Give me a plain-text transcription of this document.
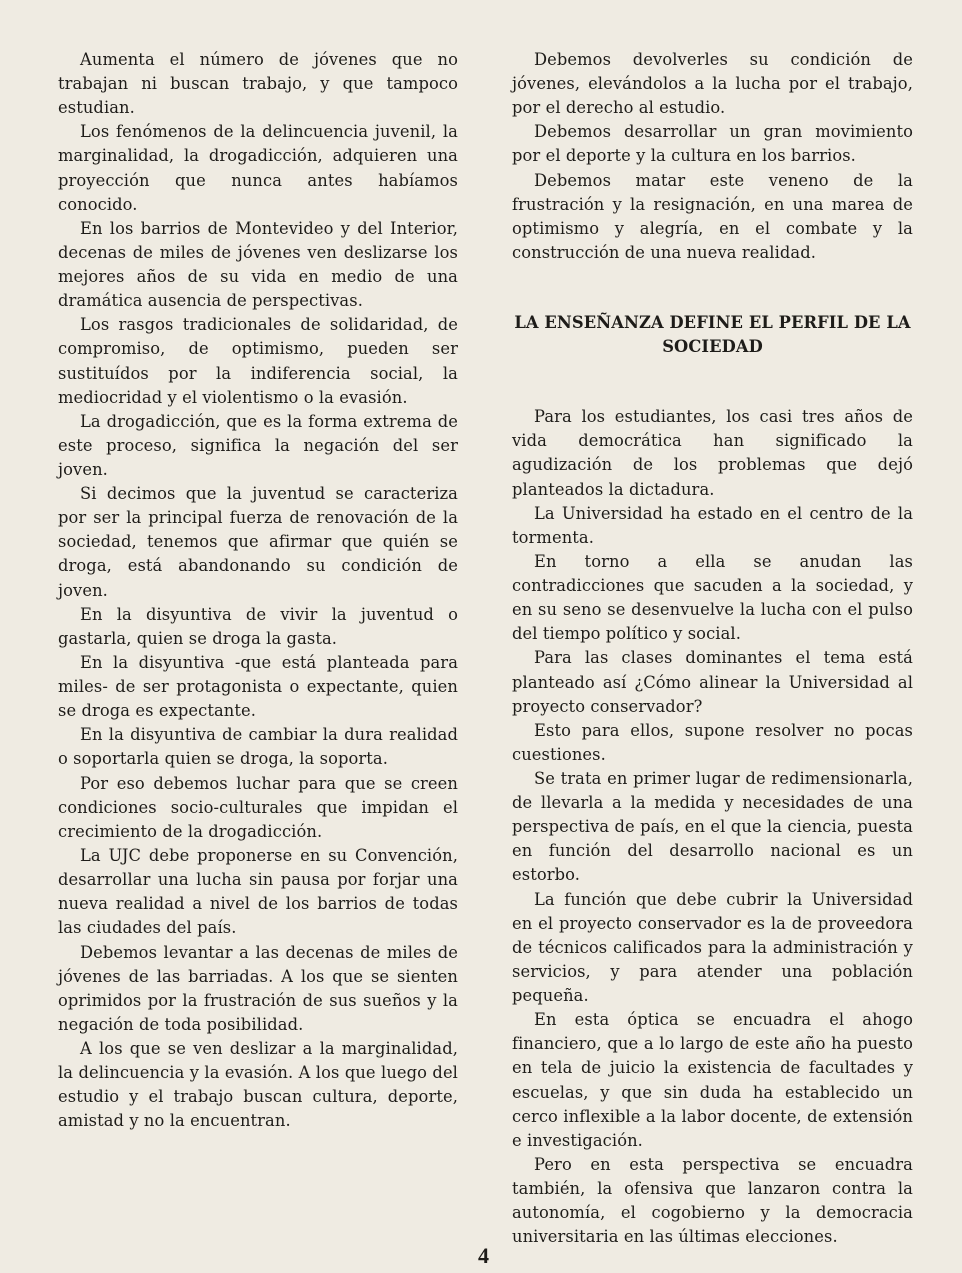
Aumenta el número de jóvenes que no trabajan ni buscan trabajo, y que tampoco estudian.

Los fenómenos de la delincuencia juvenil, la marginalidad, la drogadicción, adquieren una proyección que nunca antes habíamos conocido.

En los barrios de Montevideo y del Interior, decenas de miles de jóvenes ven deslizarse los mejores años de su vida en medio de una dramática ausencia de perspectivas.

Los rasgos tradicionales de solidaridad, de compromiso, de optimismo, pueden ser sustituídos por la indiferencia social, la mediocridad y el violentismo o la evasión.

La drogadicción, que es la forma extrema de este proceso, significa la negación del ser joven.

Si decimos que la juventud se caracteriza por ser la principal fuerza de renovación de la sociedad, tenemos que afirmar que quién se droga, está abandonando su condición de joven.

En la disyuntiva de vivir la juventud o gastarla, quien se droga la gasta.

En la disyuntiva -que está planteada para miles- de ser protagonista o expectante, quien se droga es expectante.

En la disyuntiva de cambiar la dura realidad o soportarla quien se droga, la soporta.

Por eso debemos luchar para que se creen condiciones socio-culturales que impidan el crecimiento de la drogadicción.

La UJC debe proponerse en su Convención, desarrollar una lucha sin pausa por forjar una nueva realidad a nivel de los barrios de todas las ciudades del país.

Debemos levantar a las decenas de miles de jóvenes de las barriadas. A los que se sienten oprimidos por la frustración de sus sueños y la negación de toda posibilidad.

A los que se ven deslizar a la marginalidad, la delincuencia y la evasión. A los que luego del estudio y el trabajo buscan cultura, deporte, amistad y no la encuentran.

Debemos devolverles su condición de jóvenes, elevándolos a la lucha por el trabajo, por el derecho al estudio.

Debemos desarrollar un gran movimiento por el deporte y la cultura en los barrios.

Debemos matar este veneno de la frustración y la resignación, en una marea de optimismo y alegría, en el combate y la construcción de una nueva realidad.

LA ENSEÑANZA DEFINE EL PERFIL DE LA SOCIEDAD

Para los estudiantes, los casi tres años de vida democrática han significado la agudización de los problemas que dejó planteados la dictadura.

La Universidad ha estado en el centro de la tormenta.

En torno a ella se anudan las contradicciones que sacuden a la sociedad, y en su seno se desenvuelve la lucha con el pulso del tiempo político y social.

Para las clases dominantes el tema está planteado así ¿Cómo alinear la Universidad al proyecto conservador?

Esto para ellos, supone resolver no pocas cuestiones.

Se trata en primer lugar de redimensionarla, de llevarla a la medida y necesidades de una perspectiva de país, en el que la ciencia, puesta en función del desarrollo nacional es un estorbo.

La función que debe cubrir la Universidad en el proyecto conservador es la de proveedora de técnicos calificados para la administración y servicios, y para atender una población pequeña.

En esta óptica se encuadra el ahogo financiero, que a lo largo de este año ha puesto en tela de juicio la existencia de facultades y escuelas, y que sin duda ha establecido un cerco inflexible a la labor docente, de extensión e investigación.

Pero en esta perspectiva se encuadra también, la ofensiva que lanzaron contra la autonomía, el cogobierno y la democracia universitaria en las últimas elecciones.

4
